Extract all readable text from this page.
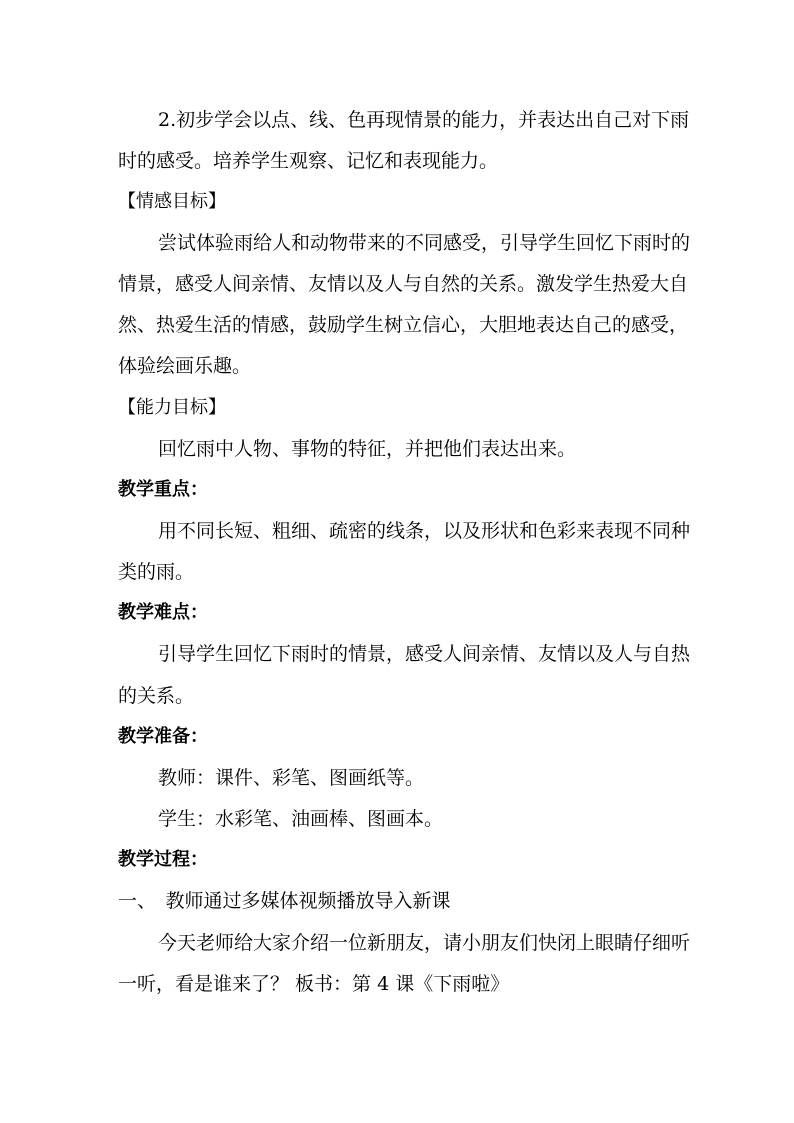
2.初步学会以点、线、色再现情景的能力，并表达出自己对下雨

时的感受。培养学生观察、记忆和表现能力。

【情感目标】

尝试体验雨给人和动物带来的不同感受，引导学生回忆下雨时的

情景，感受人间亲情、友情以及人与自然的关系。激发学生热爱大自

然、热爱生活的情感，鼓励学生树立信心，大胆地表达自己的感受，

体验绘画乐趣。

【能力目标】

回忆雨中人物、事物的特征，并把他们表达出来。

教学重点：

用不同长短、粗细、疏密的线条，以及形状和色彩来表现不同种

类的雨。

教学难点：

引导学生回忆下雨时的情景，感受人间亲情、友情以及人与自热

的关系。

教学准备：

教师：课件、彩笔、图画纸等。

学生：水彩笔、油画棒、图画本。

教学过程：

一、　教师通过多媒体视频播放导入新课

今天老师给大家介绍一位新朋友，请小朋友们快闭上眼睛仔细听

一听，看是谁来了？ 板书：第 4 课《下雨啦》
